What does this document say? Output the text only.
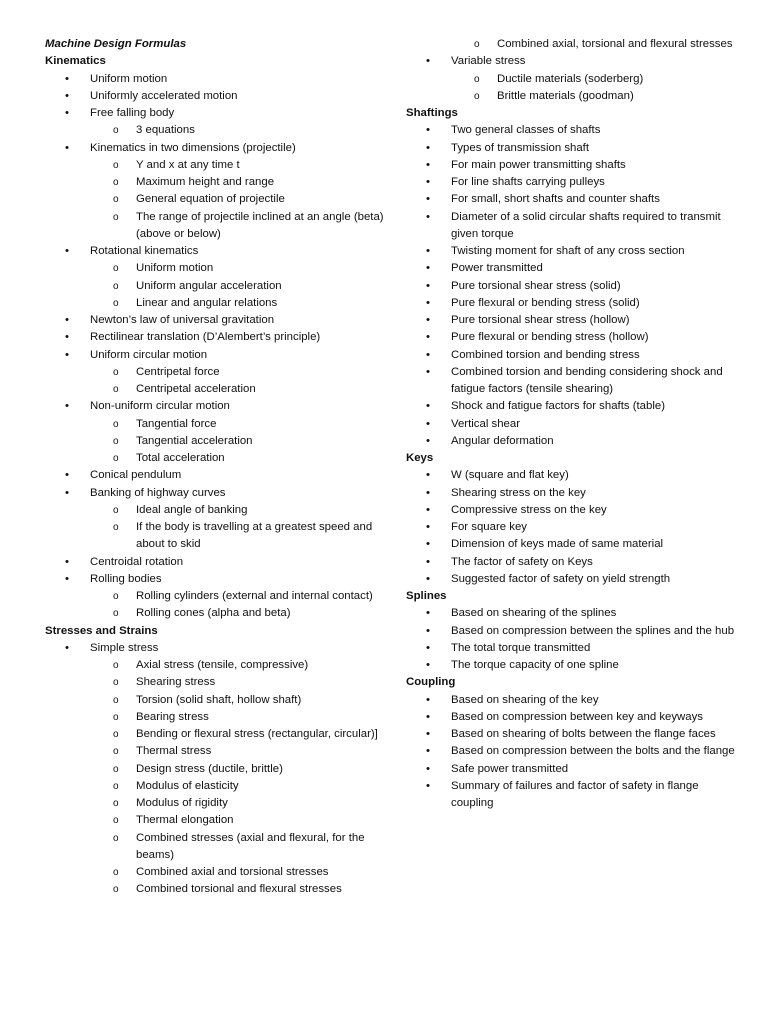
Machine Design Formulas
Kinematics
• Uniform motion
• Uniformly accelerated motion
• Free falling body
o 3 equations
• Kinematics in two dimensions (projectile)
o Y and x at any time t
o Maximum height and range
o General equation of projectile
o The range of projectile inclined at an angle (beta) (above or below)
• Rotational kinematics
o Uniform motion
o Uniform angular acceleration
o Linear and angular relations
• Newton’s law of universal gravitation
• Rectilinear translation (D’Alembert’s principle)
• Uniform circular motion
o Centripetal force
o Centripetal acceleration
• Non-uniform circular motion
o Tangential force
o Tangential acceleration
o Total acceleration
• Conical pendulum
• Banking of highway curves
o Ideal angle of banking
o If the body is travelling at a greatest speed and about to skid
• Centroidal rotation
• Rolling bodies
o Rolling cylinders (external and internal contact)
o Rolling cones (alpha and beta)
Stresses and Strains
• Simple stress
o Axial stress (tensile, compressive)
o Shearing stress
o Torsion (solid shaft, hollow shaft)
o Bearing stress
o Bending or flexural stress (rectangular, circular)]
o Thermal stress
o Design stress (ductile, brittle)
o Modulus of elasticity
o Modulus of rigidity
o Thermal elongation
o Combined stresses (axial and flexural, for the beams)
o Combined axial and torsional stresses
o Combined torsional and flexural stresses
o Combined axial, torsional and flexural stresses
• Variable stress
o Ductile materials (soderberg)
o Brittle materials (goodman)
Shaftings
• Two general classes of shafts
• Types of transmission shaft
• For main power transmitting shafts
• For line shafts carrying pulleys
• For small, short shafts and counter shafts
• Diameter of a solid circular shafts required to transmit given torque
• Twisting moment for shaft of any cross section
• Power transmitted
• Pure torsional shear stress (solid)
• Pure flexural or bending stress (solid)
• Pure torsional shear stress (hollow)
• Pure flexural or bending stress (hollow)
• Combined torsion and bending stress
• Combined torsion and bending considering shock and fatigue factors (tensile shearing)
• Shock and fatigue factors for shafts (table)
• Vertical shear
• Angular deformation
Keys
• W (square and flat key)
• Shearing stress on the key
• Compressive stress on the key
• For square key
• Dimension of keys made of same material
• The factor of safety on Keys
• Suggested factor of safety on yield strength
Splines
• Based on shearing of the splines
• Based on compression between the splines and the hub
• The total torque transmitted
• The torque capacity of one spline
Coupling
• Based on shearing of the key
• Based on compression between key and keyways
• Based on shearing of bolts between the flange faces
• Based on compression between the bolts and the flange
• Safe power transmitted
• Summary of failures and factor of safety in flange coupling
